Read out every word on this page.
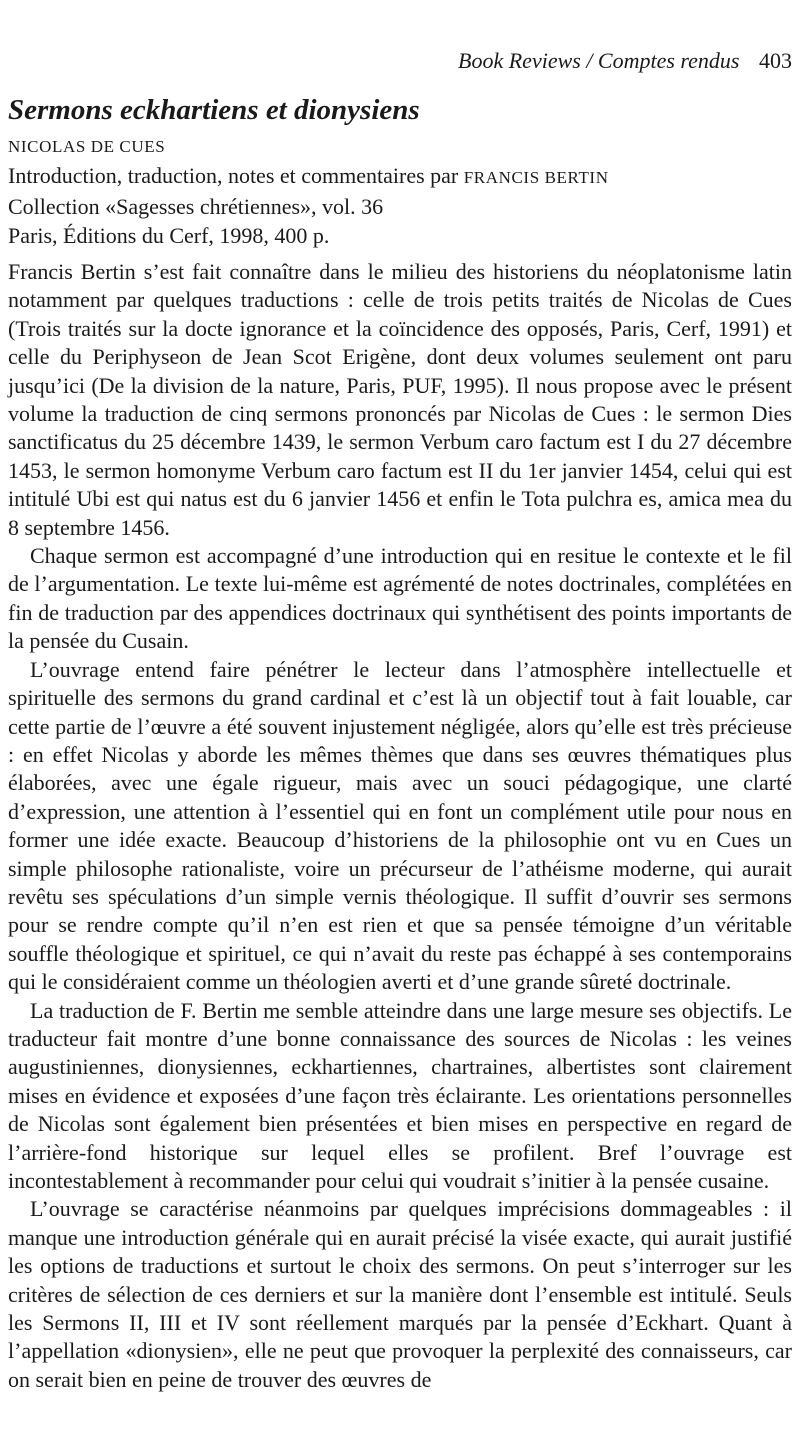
Book Reviews / Comptes rendus 403
Sermons eckhartiens et dionysiens
NICOLAS DE CUES
Introduction, traduction, notes et commentaires par FRANCIS BERTIN
Collection «Sagesses chrétiennes», vol. 36
Paris, Éditions du Cerf, 1998, 400 p.

Francis Bertin s’est fait connaître dans le milieu des historiens du néoplatonisme latin notamment par quelques traductions : celle de trois petits traités de Nicolas de Cues (Trois traités sur la docte ignorance et la coïncidence des opposés, Paris, Cerf, 1991) et celle du Periphyseon de Jean Scot Erigène, dont deux volumes seulement ont paru jusqu’ici (De la division de la nature, Paris, PUF, 1995). Il nous propose avec le présent volume la traduction de cinq sermons prononcés par Nicolas de Cues : le sermon Dies sanctificatus du 25 décembre 1439, le sermon Verbum caro factum est I du 27 décembre 1453, le sermon homonyme Verbum caro factum est II du 1er janvier 1454, celui qui est intitulé Ubi est qui natus est du 6 janvier 1456 et enfin le Tota pulchra es, amica mea du 8 septembre 1456.

Chaque sermon est accompagné d’une introduction qui en resitue le contexte et le fil de l’argumentation. Le texte lui-même est agrémenté de notes doctrinales, complétées en fin de traduction par des appendices doctrinaux qui synthétisent des points importants de la pensée du Cusain.

L’ouvrage entend faire pénétrer le lecteur dans l’atmosphère intellectuelle et spirituelle des sermons du grand cardinal et c’est là un objectif tout à fait louable, car cette partie de l’œuvre a été souvent injustement négligée, alors qu’elle est très précieuse : en effet Nicolas y aborde les mêmes thèmes que dans ses œuvres thématiques plus élaborées, avec une égale rigueur, mais avec un souci pédagogique, une clarté d’expression, une attention à l’essentiel qui en font un complément utile pour nous en former une idée exacte. Beaucoup d’historiens de la philosophie ont vu en Cues un simple philosophe rationaliste, voire un précurseur de l’athéisme moderne, qui aurait revêtu ses spéculations d’un simple vernis théologique. Il suffit d’ouvrir ses sermons pour se rendre compte qu’il n’en est rien et que sa pensée témoigne d’un véritable souffle théologique et spirituel, ce qui n’avait du reste pas échappé à ses contemporains qui le considéraient comme un théologien averti et d’une grande sûreté doctrinale.

La traduction de F. Bertin me semble atteindre dans une large mesure ses objectifs. Le traducteur fait montre d’une bonne connaissance des sources de Nicolas : les veines augustiniennes, dionysiennes, eckhartiennes, chartraines, albertistes sont clairement mises en évidence et exposées d’une façon très éclairante. Les orientations personnelles de Nicolas sont également bien présentées et bien mises en perspective en regard de l’arrière-fond historique sur lequel elles se profilent. Bref l’ouvrage est incontestablement à recommander pour celui qui voudrait s’initier à la pensée cusaine.

L’ouvrage se caractérise néanmoins par quelques imprécisions dommageables : il manque une introduction générale qui en aurait précisé la visée exacte, qui aurait justifié les options de traductions et surtout le choix des sermons. On peut s’interroger sur les critères de sélection de ces derniers et sur la manière dont l’ensemble est intitulé. Seuls les Sermons II, III et IV sont réellement marqués par la pensée d’Eckhart. Quant à l’appellation «dionysien», elle ne peut que provoquer la perplexité des connaisseurs, car on serait bien en peine de trouver des œuvres de
